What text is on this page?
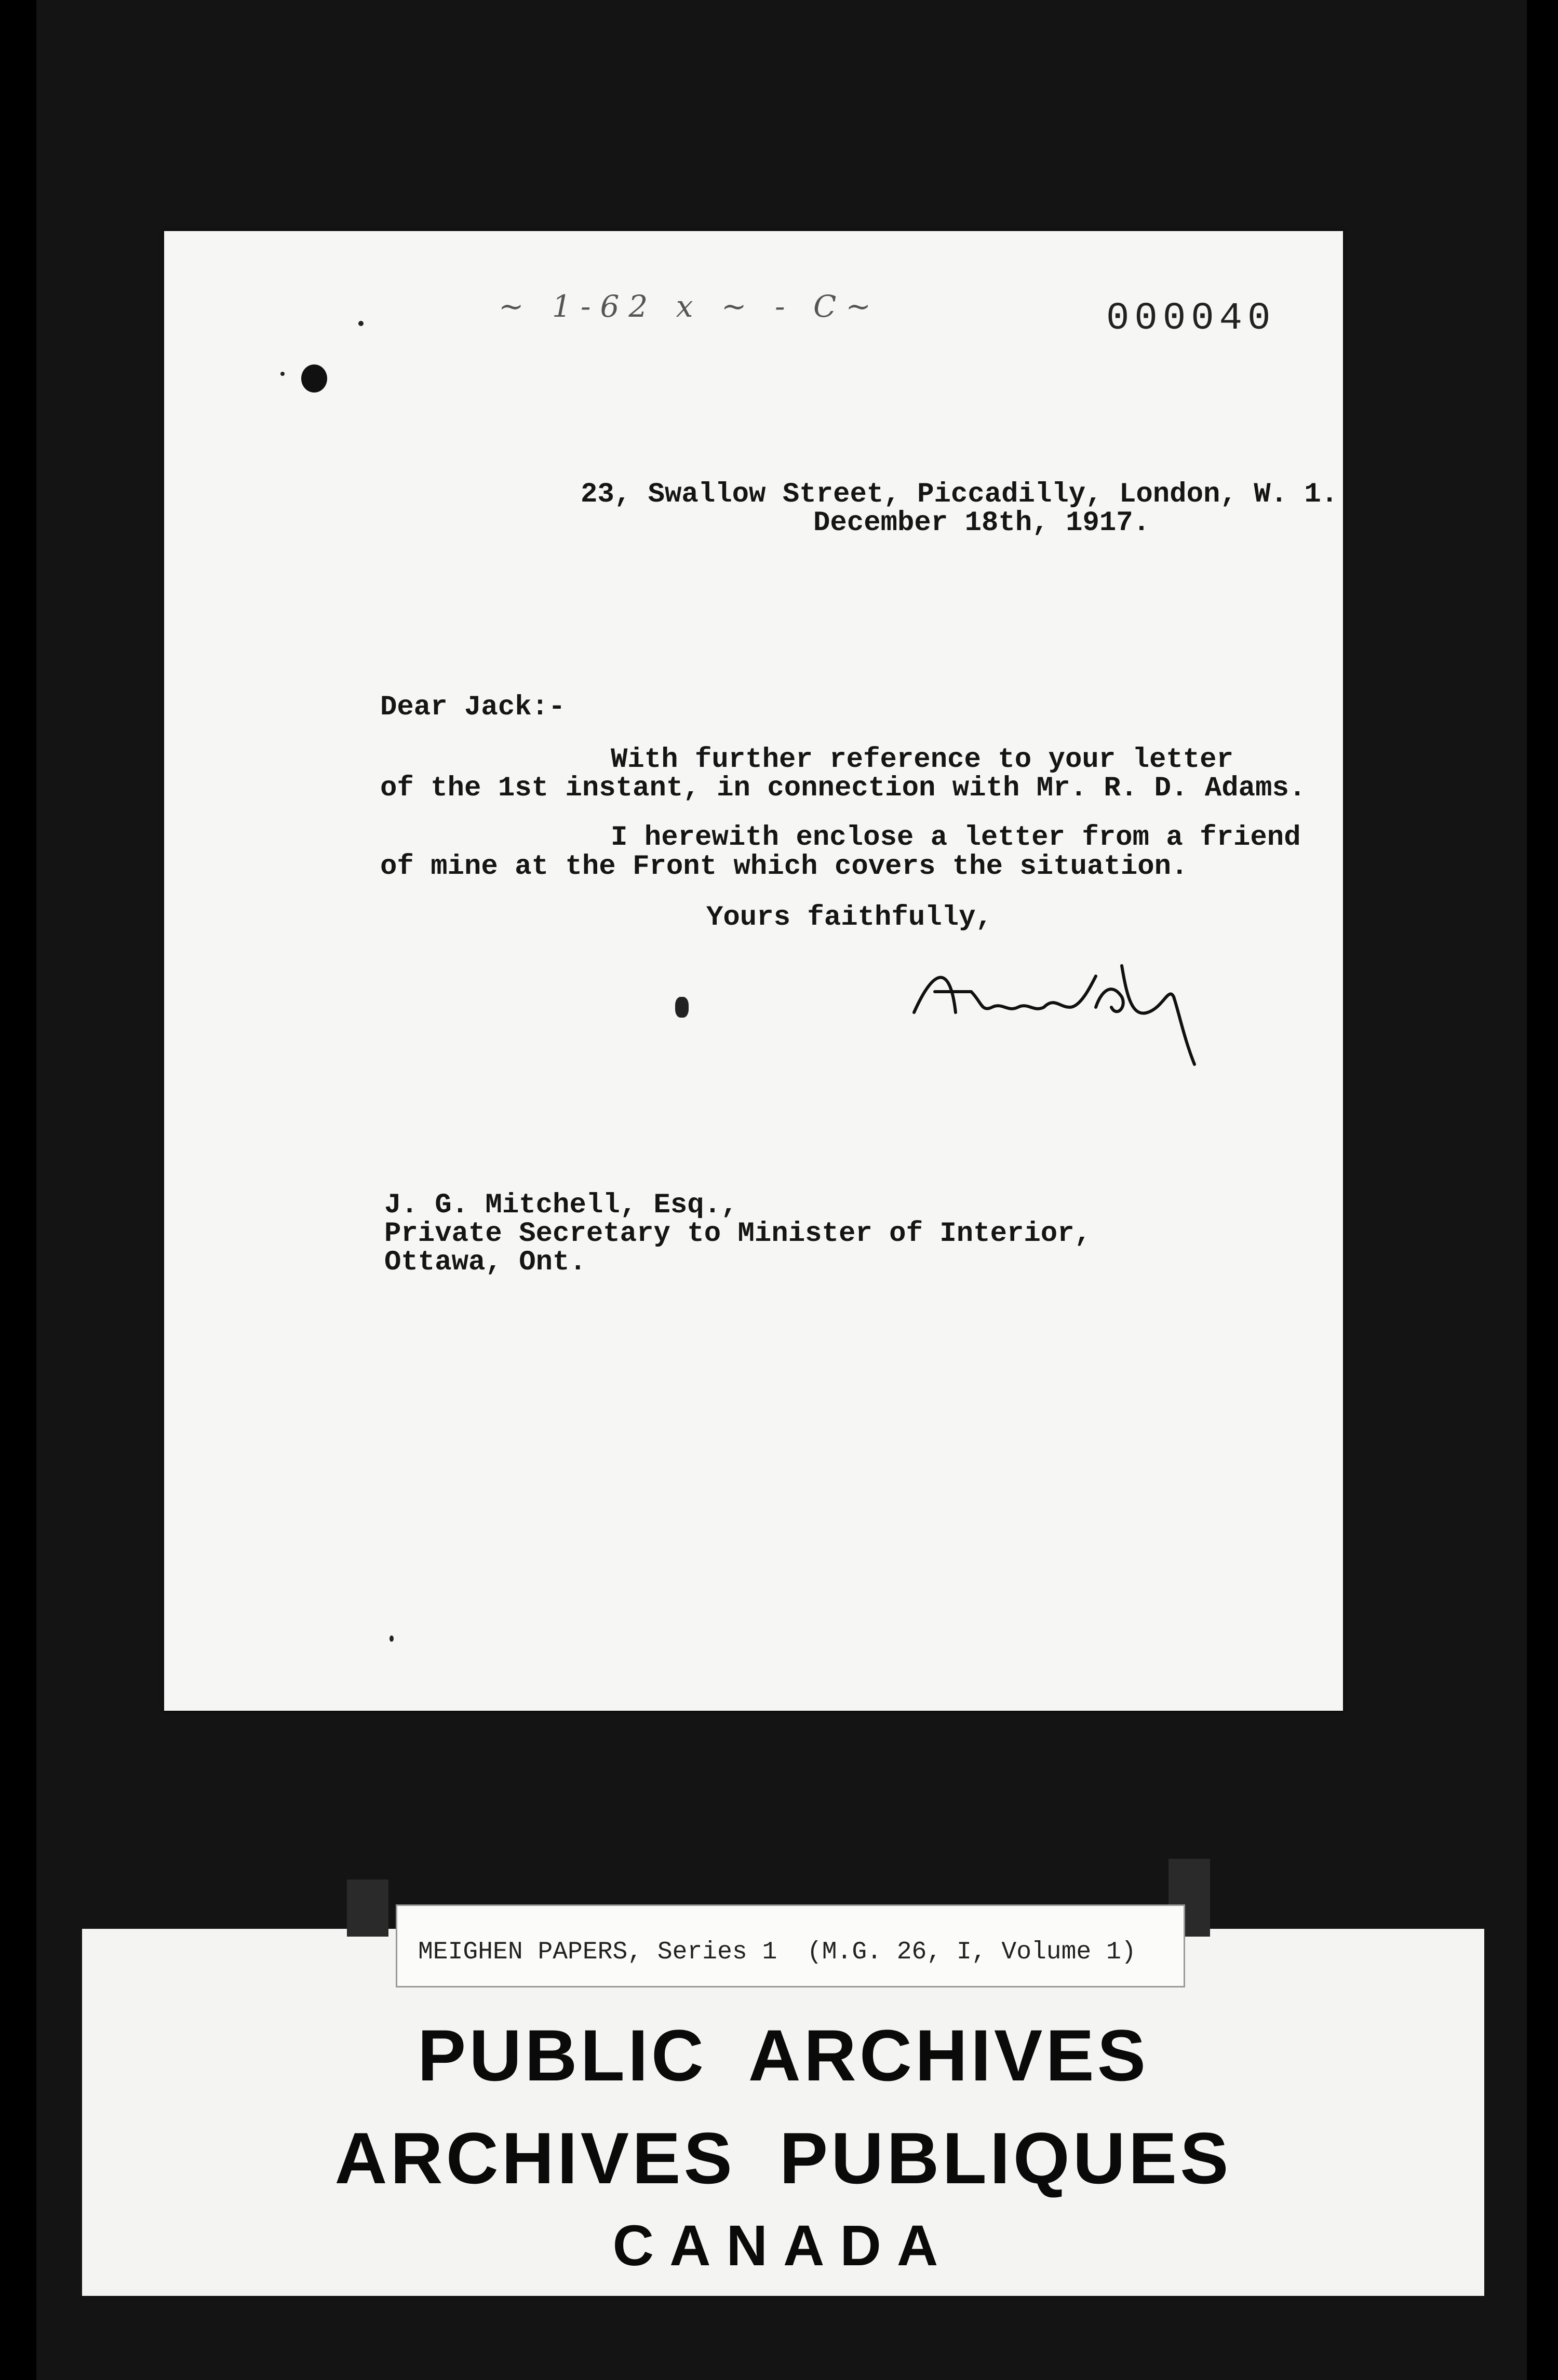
000040
~ 1-62 x ~ - C~
23, Swallow Street, Piccadilly, London, W. 1.
December 18th, 1917.
Dear Jack:-
With further reference to your letter
of the 1st instant, in connection with Mr. R. D. Adams.
I herewith enclose a letter from a friend
of mine at the Front which covers the situation.
Yours faithfully,
J. G. Mitchell, Esq.,
Private Secretary to Minister of Interior,
Ottawa, Ont.
MEIGHEN PAPERS, Series 1  (M.G. 26, I, Volume 1)
PUBLIC ARCHIVES
ARCHIVES PUBLIQUES
CANADA
